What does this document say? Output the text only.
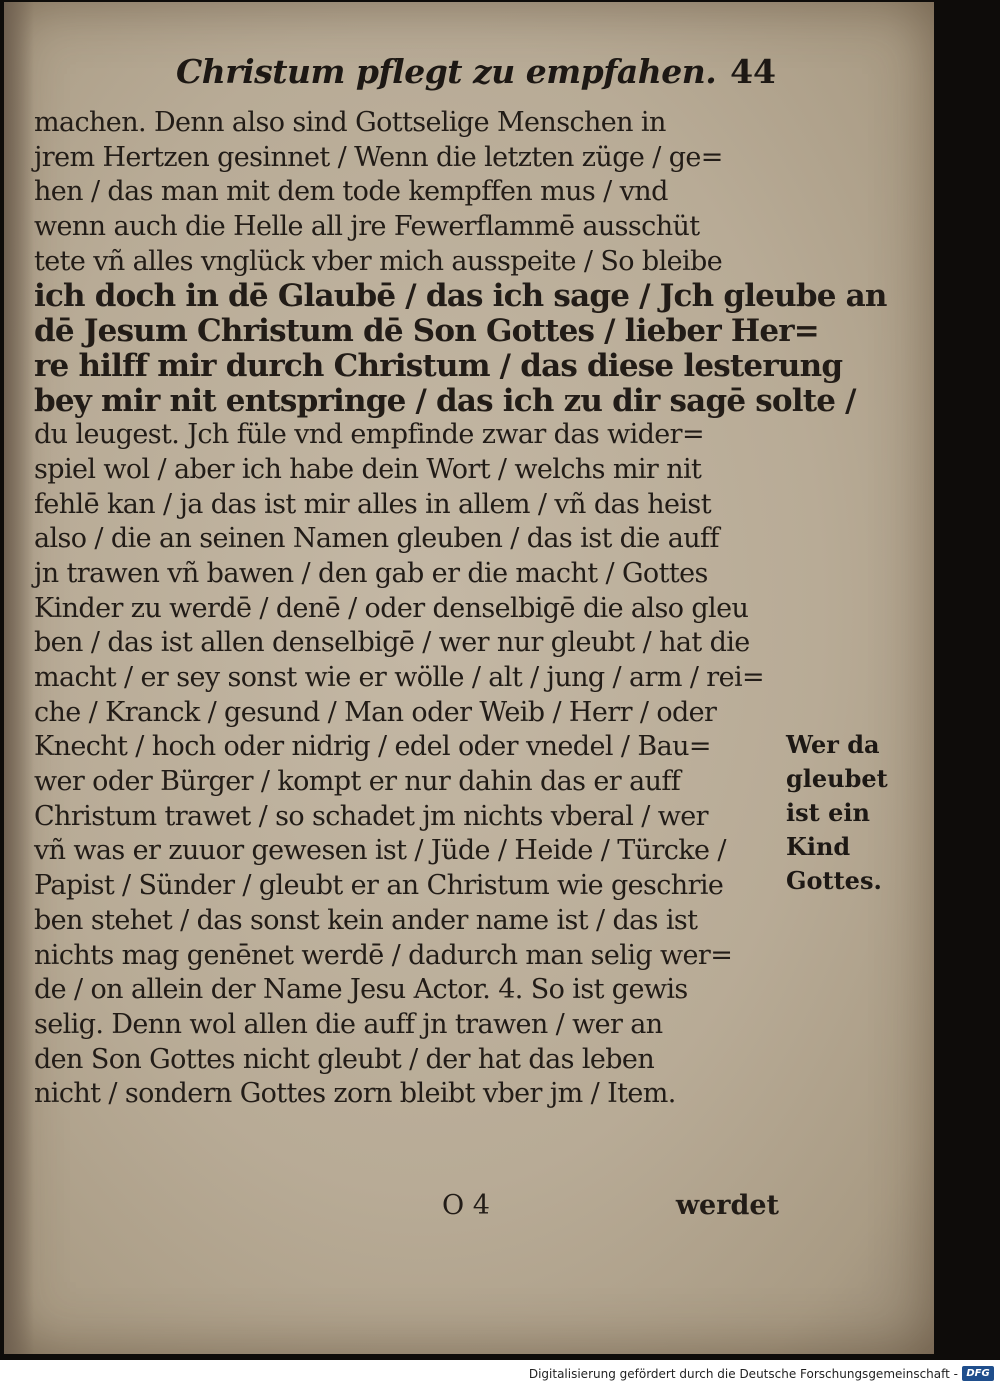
Christum pflegt zu empfahen. 44
machen. Denn also sind Gottselige Menschen in
jrem Hertzen gesinnet / Wenn die letzten züge / ge=
hen / das man mit dem tode kempffen mus / vnd
wenn auch die Helle all jre Fewerflammē ausschüt
tete vñ alles vnglück vber mich ausspeite / So bleibe
ich doch in dē Glaubē / das ich sage / Jch gleube an
dē Jesum Christum dē Son Gottes / lieber Her=
re hilff mir durch Christum / das diese lesterung
bey mir nit entspringe / das ich zu dir sagē solte /
du leugest. Jch füle vnd empfinde zwar das wider=
spiel wol / aber ich habe dein Wort / welchs mir nit
fehlē kan / ja das ist mir alles in allem / vñ das heist
also / die an seinen Namen gleuben / das ist die auff
jn trawen vñ bawen / den gab er die macht / Gottes
Kinder zu werdē / denē / oder denselbigē die also gleu
ben / das ist allen denselbigē / wer nur gleubt / hat die
macht / er sey sonst wie er wölle / alt / jung / arm / rei=
che / Kranck / gesund / Man oder Weib / Herr / oder
Knecht / hoch oder nidrig / edel oder vnedel / Bau=
wer oder Bürger / kompt er nur dahin das er auff
Christum trawet / so schadet jm nichts vberal / wer
vñ was er zuuor gewesen ist / Jüde / Heide / Türcke /
Papist / Sünder / gleubt er an Christum wie geschrie
ben stehet / das sonst kein ander name ist / das ist
nichts mag genēnet werdē / dadurch man selig wer=
de / on allein der Name Jesu Actor. 4. So ist gewis
selig. Denn wol allen die auff jn trawen / wer an
den Son Gottes nicht gleubt / der hat das leben
nicht / sondern Gottes zorn bleibt vber jm / Item.
Wer da
gleubet
ist ein
Kind
Gottes.
O 4	werdet
Digitalisierung gefördert durch die Deutsche Forschungsgemeinschaft - DFG
